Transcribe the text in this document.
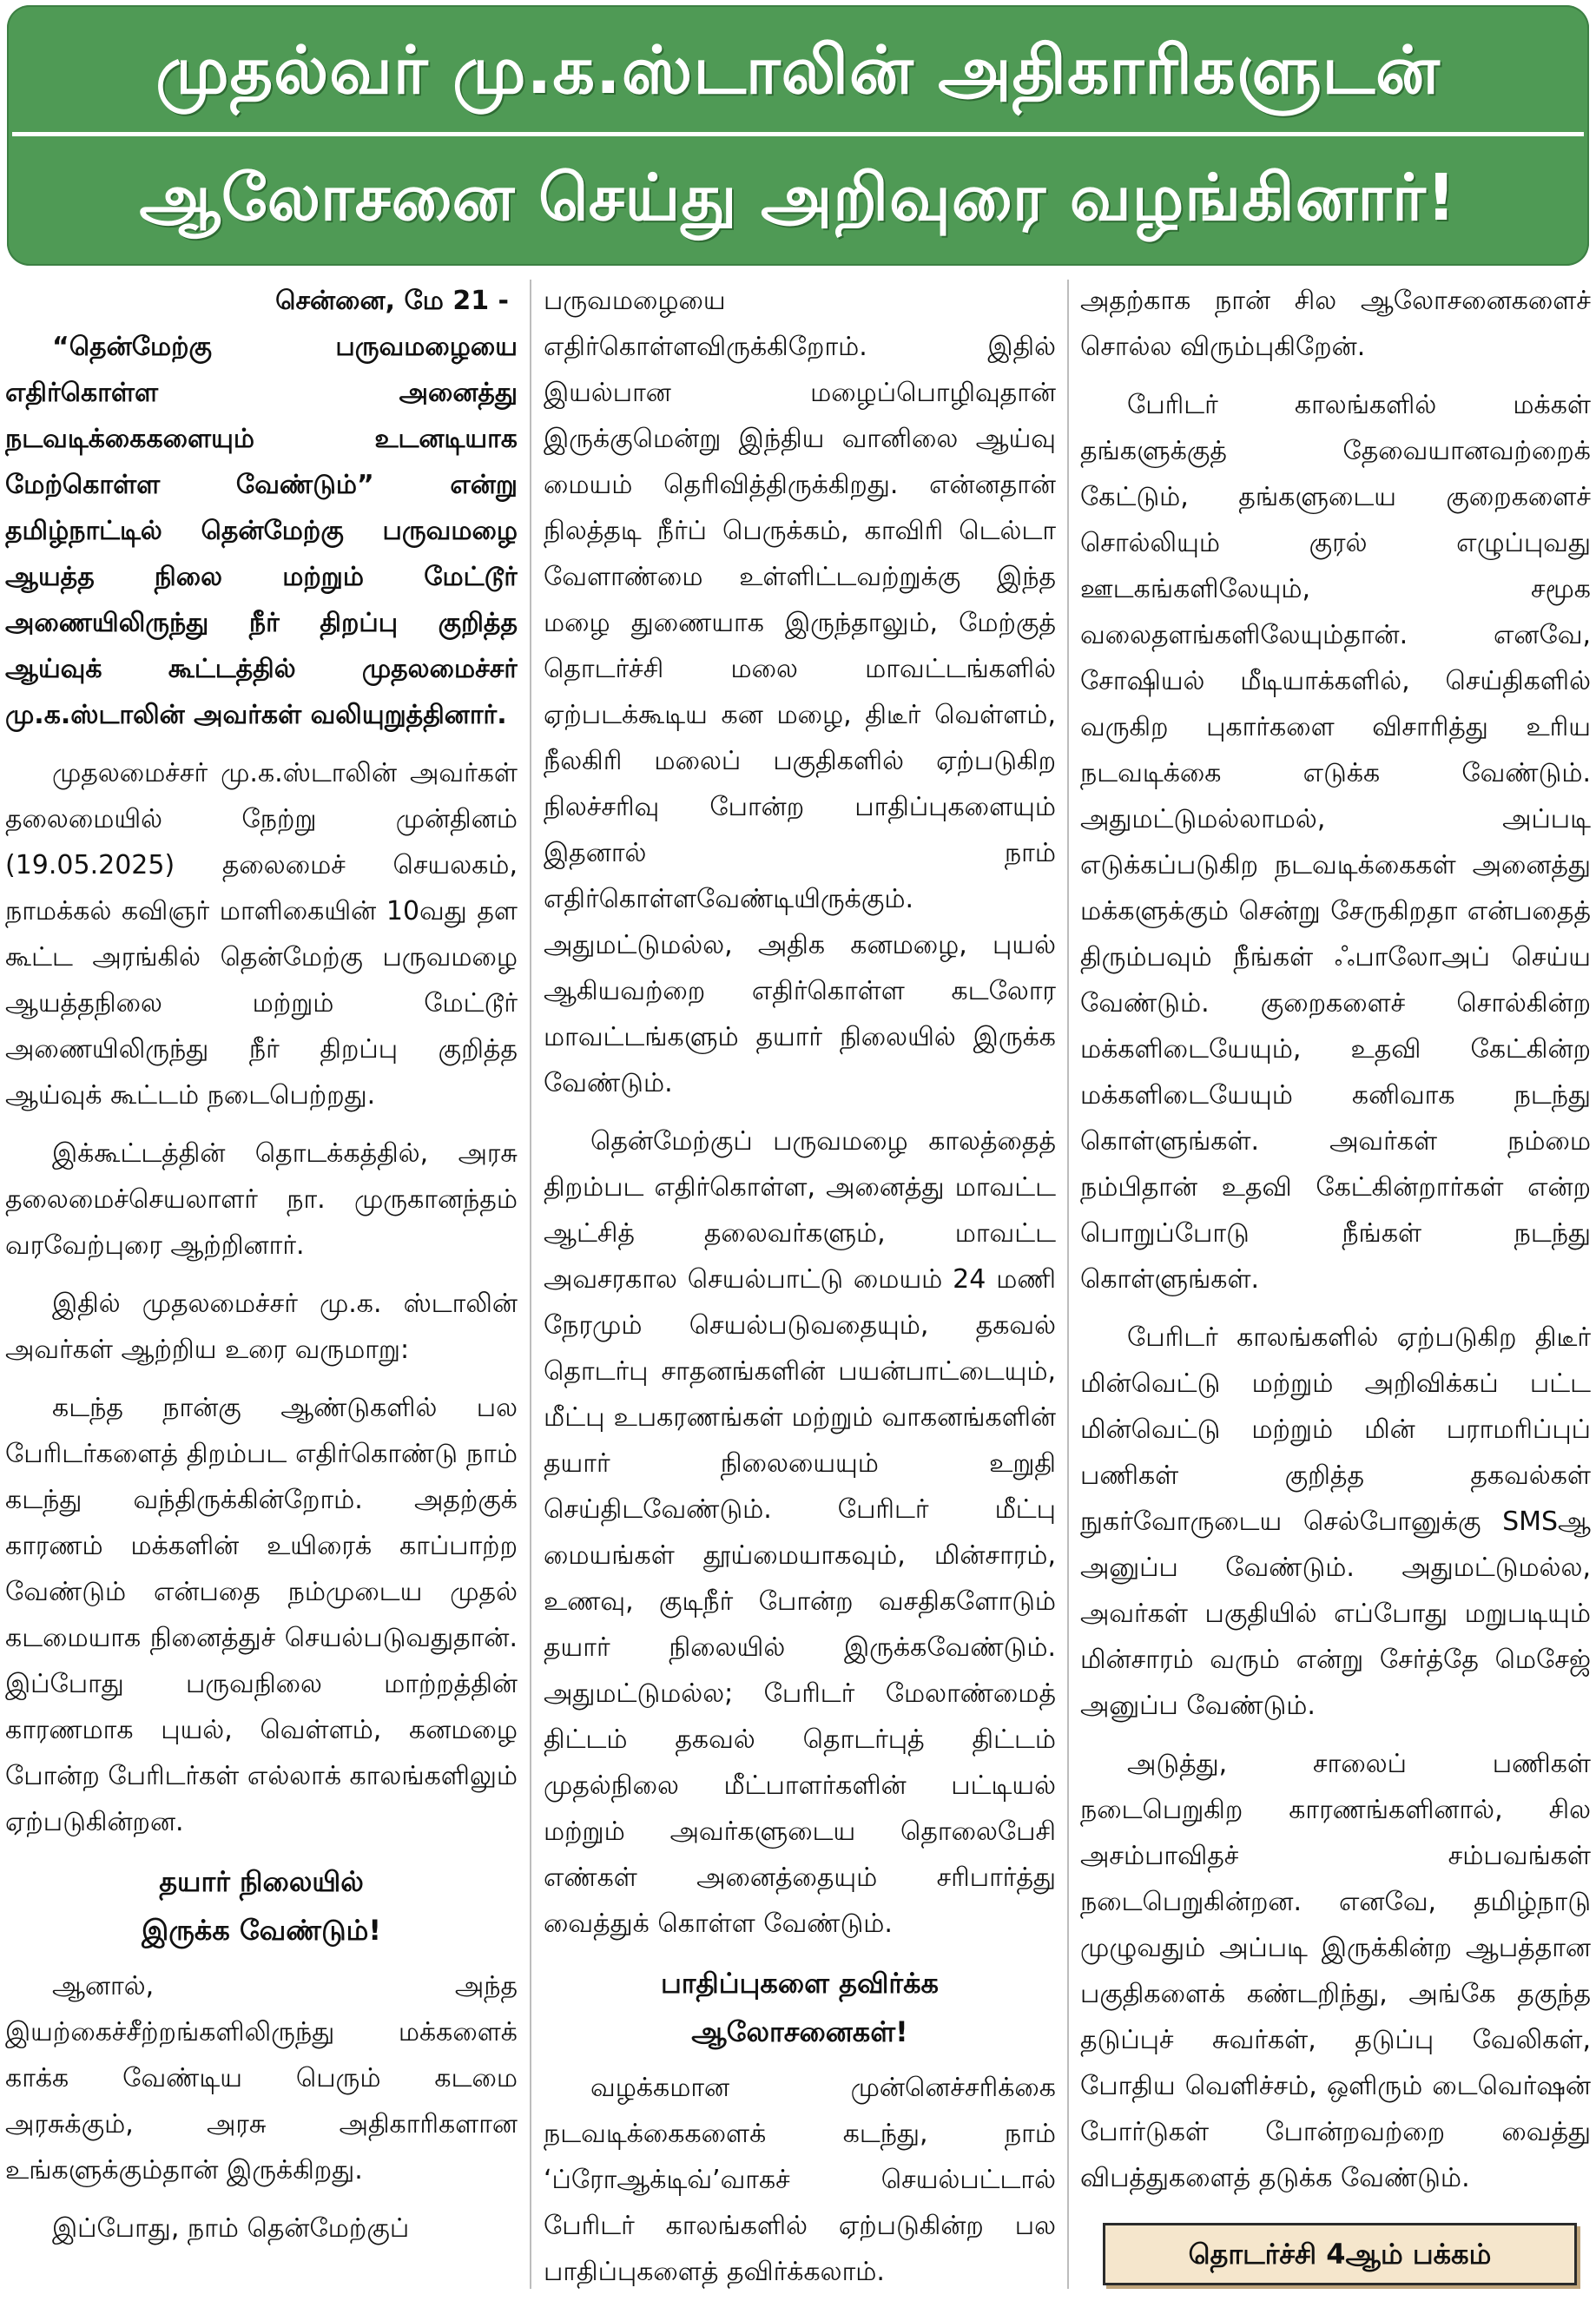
முதல்வர் மு.க.ஸ்டாலின் அதிகாரிகளுடன்
ஆலோசனை செய்து அறிவுரை வழங்கினார்!

சென்னை, மே 21 -

“தென்மேற்கு பருவமழையை எதிர்கொள்ள அனைத்து நடவடிக்கைகளையும் உடனடியாக மேற்கொள்ள வேண்டும்” என்று தமிழ்நாட்டில் தென்மேற்கு பருவமழை ஆயத்த நிலை மற்றும் மேட்டூர் அணையிலிருந்து நீர் திறப்பு குறித்த ஆய்வுக் கூட்டத்தில் முதலமைச்சர் மு.க.ஸ்டாலின் அவர்கள் வலியுறுத்தினார்.

முதலமைச்சர் மு.க.ஸ்டாலின் அவர்கள் தலைமையில் நேற்று முன்தினம் (19.05.2025) தலைமைச் செயலகம், நாமக்கல் கவிஞர் மாளிகையின் 10வது தள கூட்ட அரங்கில் தென்மேற்கு பருவமழை ஆயத்தநிலை மற்றும் மேட்டூர் அணையிலிருந்து நீர் திறப்பு குறித்த ஆய்வுக் கூட்டம் நடைபெற்றது.

இக்கூட்டத்தின் தொடக்கத்தில், அரசு தலைமைச்செயலாளர் நா. முருகானந்தம் வரவேற்புரை ஆற்றினார்.

இதில் முதலமைச்சர் மு.க. ஸ்டாலின் அவர்கள் ஆற்றிய உரை வருமாறு:

கடந்த நான்கு ஆண்டுகளில் பல பேரிடர்களைத் திறம்பட எதிர்கொண்டு நாம் கடந்து வந்திருக்கின்றோம். அதற்குக் காரணம் மக்களின் உயிரைக் காப்பாற்ற வேண்டும் என்பதை நம்முடைய முதல் கடமையாக நினைத்துச் செயல்படுவதுதான். இப்போது பருவநிலை மாற்றத்தின் காரணமாக புயல், வெள்ளம், கனமழை போன்ற பேரிடர்கள் எல்லாக் காலங்களிலும் ஏற்படுகின்றன.

தயார் நிலையில்
இருக்க வேண்டும்!

ஆனால், அந்த இயற்கைச்சீற்றங்களிலிருந்து மக்களைக் காக்க வேண்டிய பெரும் கடமை அரசுக்கும், அரசு அதிகாரிகளான உங்களுக்கும்தான் இருக்கிறது.

இப்போது, நாம் தென்மேற்குப்

பருவமழையை எதிர்கொள்ளவிருக்கிறோம். இதில் இயல்பான மழைப்பொழிவுதான் இருக்குமென்று இந்திய வானிலை ஆய்வு மையம் தெரிவித்திருக்கிறது. என்னதான் நிலத்தடி நீர்ப் பெருக்கம், காவிரி டெல்டா வேளாண்மை உள்ளிட்டவற்றுக்கு இந்த மழை துணையாக இருந்தாலும், மேற்குத் தொடர்ச்சி மலை மாவட்டங்களில் ஏற்படக்கூடிய கன மழை, திடீர் வெள்ளம், நீலகிரி மலைப் பகுதிகளில் ஏற்படுகிற நிலச்சரிவு போன்ற பாதிப்புகளையும் இதனால் நாம் எதிர்கொள்ளவேண்டியிருக்கும். அதுமட்டுமல்ல, அதிக கனமழை, புயல் ஆகியவற்றை எதிர்கொள்ள கடலோர மாவட்டங்களும் தயார் நிலையில் இருக்க வேண்டும்.

தென்மேற்குப் பருவமழை காலத்தைத் திறம்பட எதிர்கொள்ள, அனைத்து மாவட்ட ஆட்சித் தலைவர்களும், மாவட்ட அவசரகால செயல்பாட்டு மையம் 24 மணி நேரமும் செயல்படுவதையும், தகவல் தொடர்பு சாதனங்களின் பயன்பாட்டையும், மீட்பு உபகரணங்கள் மற்றும் வாகனங்களின் தயார் நிலையையும் உறுதி செய்திடவேண்டும். பேரிடர் மீட்பு மையங்கள் தூய்மையாகவும், மின்சாரம், உணவு, குடிநீர் போன்ற வசதிகளோடும் தயார் நிலையில் இருக்கவேண்டும். அதுமட்டுமல்ல; பேரிடர் மேலாண்மைத் திட்டம் தகவல் தொடர்புத் திட்டம் முதல்நிலை மீட்பாளர்களின் பட்டியல் மற்றும் அவர்களுடைய தொலைபேசி எண்கள் அனைத்தையும் சரிபார்த்து வைத்துக் கொள்ள வேண்டும்.

பாதிப்புகளை தவிர்க்க
ஆலோசனைகள்!

வழக்கமான முன்னெச்சரிக்கை நடவடிக்கைகளைக் கடந்து, நாம் ‘ப்ரோஆக்டிவ்’வாகச் செயல்பட்டால் பேரிடர் காலங்களில் ஏற்படுகின்ற பல பாதிப்புகளைத் தவிர்க்கலாம்.

அதற்காக நான் சில ஆலோசனைகளைச் சொல்ல விரும்புகிறேன்.

பேரிடர் காலங்களில் மக்கள் தங்களுக்குத் தேவையானவற்றைக் கேட்டும், தங்களுடைய குறைகளைச் சொல்லியும் குரல் எழுப்புவது ஊடகங்களிலேயும், சமூக வலைதளங்களிலேயும்தான். எனவே, சோஷியல் மீடியாக்களில், செய்திகளில் வருகிற புகார்களை விசாரித்து உரிய நடவடிக்கை எடுக்க வேண்டும். அதுமட்டுமல்லாமல், அப்படி எடுக்கப்படுகிற நடவடிக்கைகள் அனைத்து மக்களுக்கும் சென்று சேருகிறதா என்பதைத் திரும்பவும் நீங்கள் ஃபாலோஅப் செய்ய வேண்டும். குறைகளைச் சொல்கின்ற மக்களிடையேயும், உதவி கேட்கின்ற மக்களிடையேயும் கனிவாக நடந்து கொள்ளுங்கள். அவர்கள் நம்மை நம்பிதான் உதவி கேட்கின்றார்கள் என்ற பொறுப்போடு நீங்கள் நடந்து கொள்ளுங்கள்.

பேரிடர் காலங்களில் ஏற்படுகிற திடீர் மின்வெட்டு மற்றும் அறிவிக்கப் பட்ட மின்வெட்டு மற்றும் மின் பராமரிப்புப் பணிகள் குறித்த தகவல்கள் நுகர்வோருடைய செல்போனுக்கு SMSஆ அனுப்ப வேண்டும். அதுமட்டுமல்ல, அவர்கள் பகுதியில் எப்போது மறுபடியும் மின்சாரம் வரும் என்று சேர்த்தே மெசேஜ் அனுப்ப வேண்டும்.

அடுத்து, சாலைப் பணிகள் நடைபெறுகிற காரணங்களினால், சில அசம்பாவிதச் சம்பவங்கள் நடைபெறுகின்றன. எனவே, தமிழ்நாடு முழுவதும் அப்படி இருக்கின்ற ஆபத்தான பகுதிகளைக் கண்டறிந்து, அங்கே தகுந்த தடுப்புச் சுவர்கள், தடுப்பு வேலிகள், போதிய வெளிச்சம், ஒளிரும் டைவெர்ஷன் போர்டுகள் போன்றவற்றை வைத்து விபத்துகளைத் தடுக்க வேண்டும்.

தொடர்ச்சி 4ஆம் பக்கம்
